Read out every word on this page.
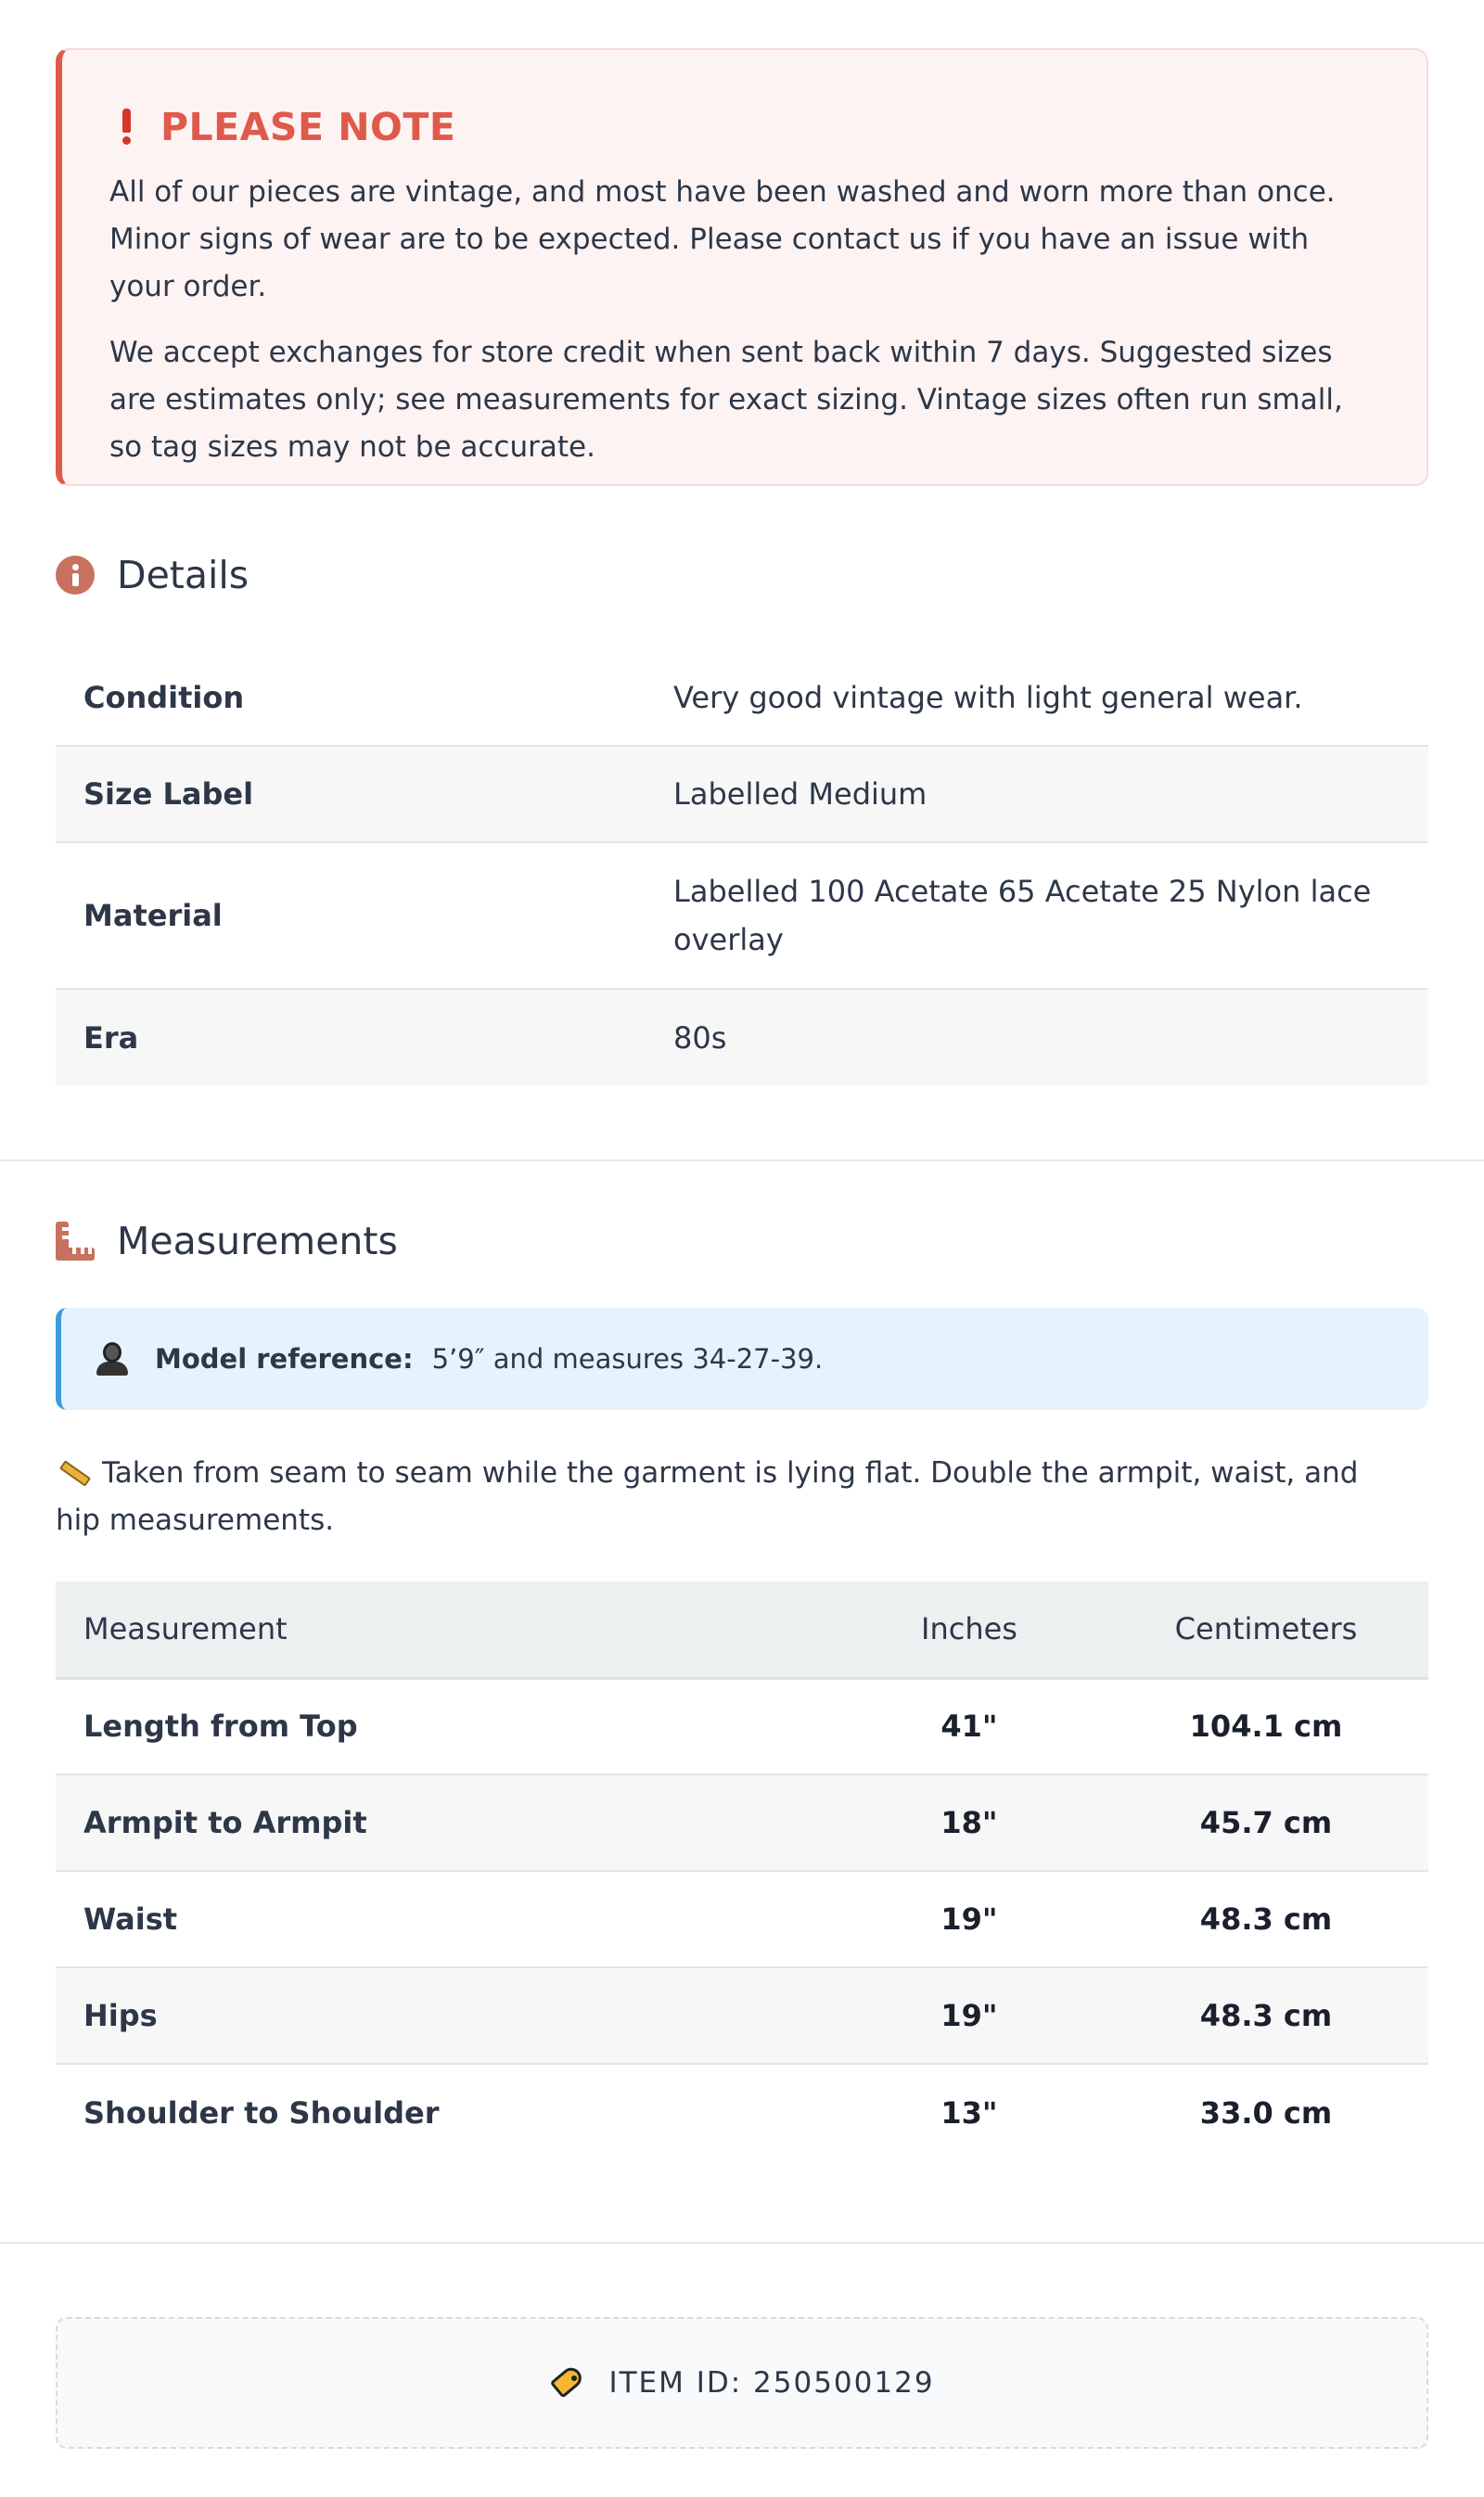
PLEASE NOTE

All of our pieces are vintage, and most have been washed and worn more than once. Minor signs of wear are to be expected. Please contact us if you have an issue with your order.

We accept exchanges for store credit when sent back within 7 days. Suggested sizes are estimates only; see measurements for exact sizing. Vintage sizes often run small, so tag sizes may not be accurate.

Details
Condition	Very good vintage with light general wear.
Size Label	Labelled Medium
Material	Labelled 100 Acetate 65 Acetate 25 Nylon lace overlay
Era	80s
Measurements
Model reference: 5’9″ and measures 34-27-39.
Taken from seam to seam while the garment is lying flat. Double the armpit, waist, and hip measurements.
Measurement	Inches	Centimeters
Length from Top	41"	104.1 cm
Armpit to Armpit	18"	45.7 cm
Waist	19"	48.3 cm
Hips	19"	48.3 cm
Shoulder to Shoulder	13"	33.0 cm
ITEM ID: 250500129
